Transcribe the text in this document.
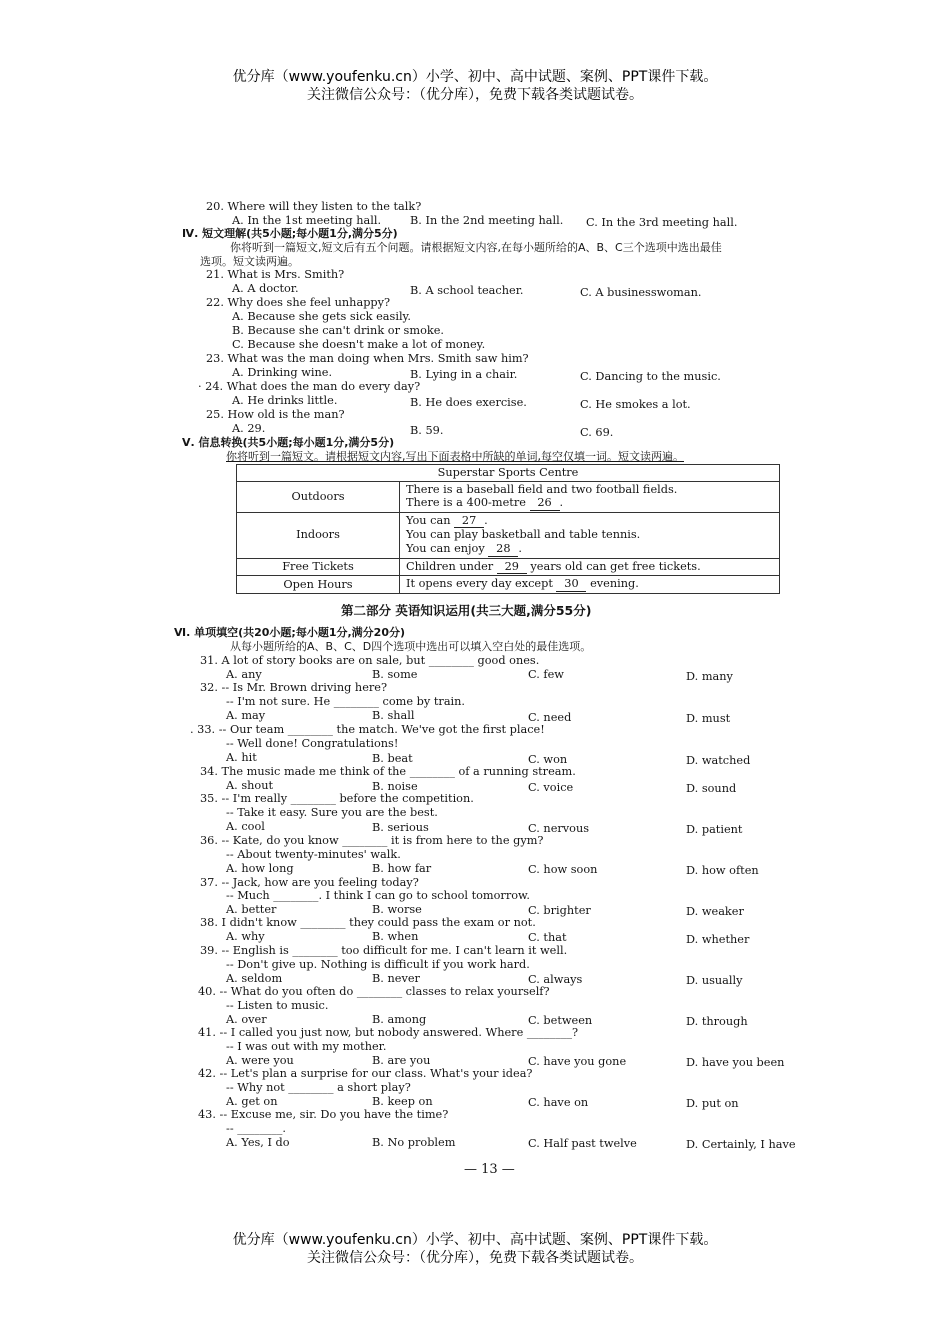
优分库（www.youfenku.cn）小学、初中、高中试题、案例、PPT课件下载。
关注微信公众号：（优分库），免费下载各类试题试卷。
20. Where will they listen to the talk?
A. In the 1st meeting hall.	B. In the 2nd meeting hall. C. In the 3rd meeting hall.
Ⅳ. 短文理解(共5小题;每小题1分,满分5分)
你将听到一篇短文,短文后有五个问题。请根据短文内容,在每小题所给的A、B、C三个选项中选出最佳
选项。短文读两遍。
21. What is Mrs. Smith?
A. A doctor.	B. A school teacher.	C. A businesswoman.
22. Why does she feel unhappy?
A. Because she gets sick easily.
B. Because she can't drink or smoke.
C. Because she doesn't make a lot of money.
23. What was the man doing when Mrs. Smith saw him?
A. Drinking wine.	B. Lying in a chair.	C. Dancing to the music.
· 24. What does the man do every day?
A. He drinks little.	B. He does exercise.	C. He smokes a lot.
25. How old is the man?
A. 29.	B. 59.	C. 69.
Ⅴ. 信息转换(共5小题;每小题1分,满分5分)
你将听到一篇短文。请根据短文内容,写出下面表格中所缺的单词,每空仅填一词。短文读两遍。
Superstar Sports Centre	
Outdoors	There is a baseball field and two football fields.
There is a 400-metre 26 .

Indoors	You can 27 .
You can play basketball and table tennis.
You can enjoy 28 .

Free Tickets	Children under 29 years old can get free tickets.
Open Hours	It opens every day except 30 evening.
第二部分 英语知识运用(共三大题,满分55分)
Ⅵ. 单项填空(共20小题;每小题1分,满分20分)
从每小题所给的A、B、C、D四个选项中选出可以填入空白处的最佳选项。
31. A lot of story books are on sale, but ________ good ones.
A. any	B. some	C. few	D. many
32. -- Is Mr. Brown driving here?
-- I'm not sure. He ________ come by train.
A. may	B. shall	C. need	D. must
. 33. -- Our team ________ the match. We've got the first place!
-- Well done! Congratulations!
A. hit	B. beat	C. won	D. watched
34. The music made me think of the ________ of a running stream.
A. shout	B. noise	C. voice	D. sound
35. -- I'm really ________ before the competition.
-- Take it easy. Sure you are the best.
A. cool	B. serious	C. nervous	D. patient
36. -- Kate, do you know ________ it is from here to the gym?
-- About twenty-minutes' walk.
A. how long	B. how far	C. how soon	D. how often
37. -- Jack, how are you feeling today?
-- Much ________. I think I can go to school tomorrow.
A. better	B. worse	C. brighter	D. weaker
38. I didn't know ________ they could pass the exam or not.
A. why	B. when	C. that	D. whether
39. -- English is ________ too difficult for me. I can't learn it well.
-- Don't give up. Nothing is difficult if you work hard.
A. seldom	B. never	C. always	D. usually
40. -- What do you often do ________ classes to relax yourself?
-- Listen to music.
A. over	B. among	C. between	D. through
41. -- I called you just now, but nobody answered. Where ________?
-- I was out with my mother.
A. were you	B. are you	C. have you gone	D. have you been
42. -- Let's plan a surprise for our class. What's your idea?
-- Why not ________ a short play?
A. get on	B. keep on	C. have on	D. put on
43. -- Excuse me, sir. Do you have the time?
-- ________.
A. Yes, I do	B. No problem	C. Half past twelve	D. Certainly, I have
— 13 —
优分库（www.youfenku.cn）小学、初中、高中试题、案例、PPT课件下载。
关注微信公众号：（优分库），免费下载各类试题试卷。
